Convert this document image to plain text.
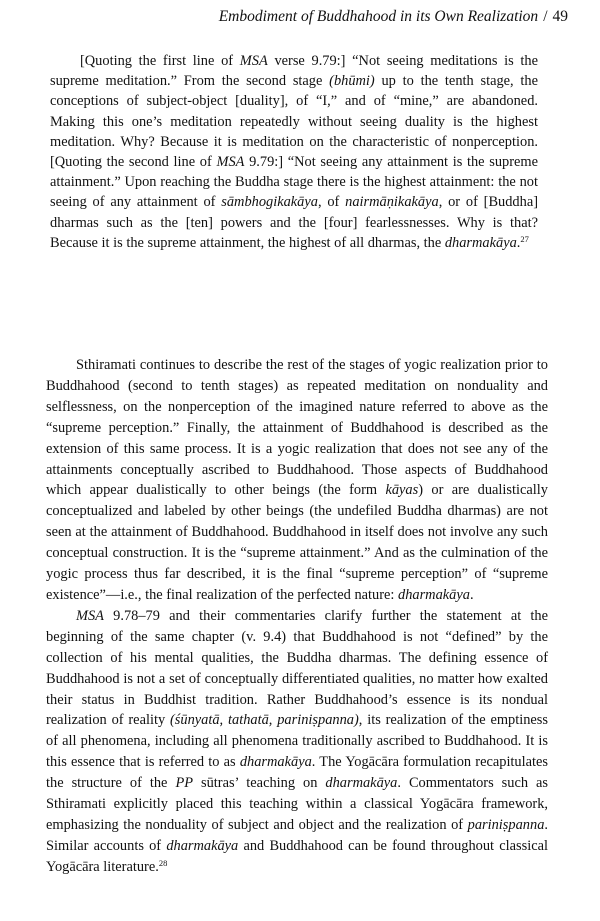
Embodiment of Buddhahood in its Own Realization / 49

[Quoting the first line of MSA verse 9.79:] “Not seeing meditations is the supreme meditation.” From the second stage (bhūmi) up to the tenth stage, the conceptions of subject-object [duality], of “I,” and of “mine,” are abandoned. Making this one’s meditation repeatedly without seeing duality is the highest meditation. Why? Because it is meditation on the characteristic of nonperception. [Quoting the second line of MSA 9.79:] “Not seeing any attainment is the supreme attainment.” Upon reaching the Buddha stage there is the highest attainment: the not seeing of any attainment of sāmbhogikakāya, of nairmāṇikakāya, or of [Buddha] dharmas such as the [ten] powers and the [four] fearlessnesses. Why is that? Because it is the supreme attainment, the highest of all dharmas, the dharmakāya.$^{27}$

Sthiramati continues to describe the rest of the stages of yogic realization prior to Buddhahood (second to tenth stages) as repeated meditation on nonduality and selflessness, on the nonperception of the imagined nature referred to above as the “supreme perception.” Finally, the attainment of Buddhahood is described as the extension of this same process. It is a yogic realization that does not see any of the attainments conceptually ascribed to Buddhahood. Those aspects of Buddhahood which appear dualistically to other beings (the form kāyas) or are dualistically conceptualized and labeled by other beings (the undefiled Buddha dharmas) are not seen at the attainment of Buddhahood. Buddhahood in itself does not involve any such conceptual construction. It is the “supreme attainment.” And as the culmination of the yogic process thus far described, it is the final “supreme perception” of “supreme existence”—i.e., the final realization of the perfected nature: dharmakāya.

MSA 9.78–79 and their commentaries clarify further the statement at the beginning of the same chapter (v. 9.4) that Buddhahood is not “defined” by the collection of his mental qualities, the Buddha dharmas. The defining essence of Buddhahood is not a set of conceptually differentiated qualities, no matter how exalted their status in Buddhist tradition. Rather Buddhahood’s essence is its nondual realization of reality (śūnyatā, tathatā, pariniṣpanna), its realization of the emptiness of all phenomena, including all phenomena traditionally ascribed to Buddhahood. It is this essence that is referred to as dharmakāya. The Yogācāra formulation recapitulates the structure of the PP sūtras’ teaching on dharmakāya. Commentators such as Sthiramati explicitly placed this teaching within a classical Yogācāra framework, emphasizing the nonduality of subject and object and the realization of pariniṣpanna. Similar accounts of dharmakāya and Buddhahood can be found throughout classical Yogācāra literature.$^{28}$
